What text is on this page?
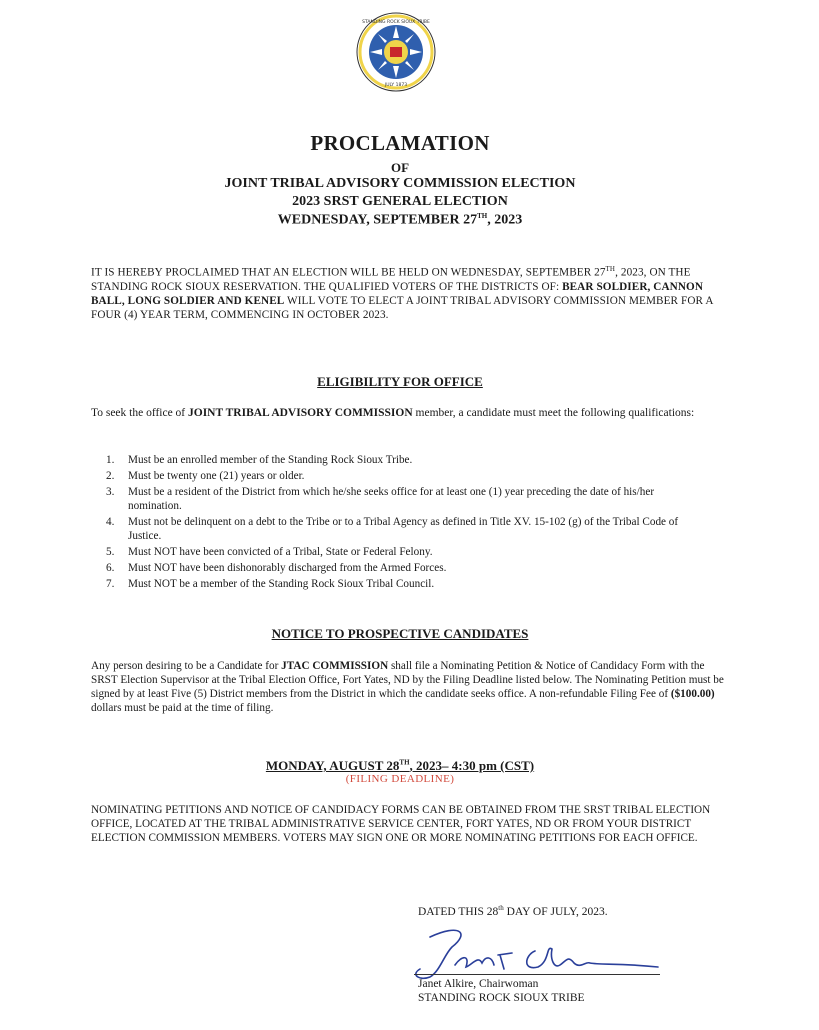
STANDING ROCK SIOUX TRIBE
JULY 1873
PROCLAMATION
OF
JOINT TRIBAL ADVISORY COMMISSION ELECTION
2023 SRST GENERAL ELECTION
WEDNESDAY, SEPTEMBER 27TH, 2023
IT IS HEREBY PROCLAIMED THAT AN ELECTION WILL BE HELD ON WEDNESDAY, SEPTEMBER 27TH, 2023, ON THE STANDING ROCK SIOUX RESERVATION. THE QUALIFIED VOTERS OF THE DISTRICTS OF: BEAR SOLDIER, CANNON BALL, LONG SOLDIER AND KENEL WILL VOTE TO ELECT A JOINT TRIBAL ADVISORY COMMISSION MEMBER FOR A FOUR (4) YEAR TERM, COMMENCING IN OCTOBER 2023.
ELIGIBILITY FOR OFFICE
To seek the office of JOINT TRIBAL ADVISORY COMMISSION member, a candidate must meet the following qualifications:
1.	Must be an enrolled member of the Standing Rock Sioux Tribe.
2.	Must be twenty one (21) years or older.
3.	Must be a resident of the District from which he/she seeks office for at least one (1) year preceding the date of his/her nomination.
4.	Must not be delinquent on a debt to the Tribe or to a Tribal Agency as defined in Title XV. 15-102 (g) of the Tribal Code of Justice.
5.	Must NOT have been convicted of a Tribal, State or Federal Felony.
6.	Must NOT have been dishonorably discharged from the Armed Forces.
7.	Must NOT be a member of the Standing Rock Sioux Tribal Council.
NOTICE TO PROSPECTIVE CANDIDATES
Any person desiring to be a Candidate for JTAC COMMISSION shall file a Nominating Petition & Notice of Candidacy Form with the SRST Election Supervisor at the Tribal Election Office, Fort Yates, ND by the Filing Deadline listed below. The Nominating Petition must be signed by at least Five (5) District members from the District in which the candidate seeks office. A non-refundable Filing Fee of ($100.00) dollars must be paid at the time of filing.
MONDAY, AUGUST 28TH, 2023– 4:30 pm (CST)
(FILING DEADLINE)
NOMINATING PETITIONS AND NOTICE OF CANDIDACY FORMS CAN BE OBTAINED FROM THE SRST TRIBAL ELECTION OFFICE, LOCATED AT THE TRIBAL ADMINISTRATIVE SERVICE CENTER, FORT YATES, ND OR FROM YOUR DISTRICT ELECTION COMMISSION MEMBERS. VOTERS MAY SIGN ONE OR MORE NOMINATING PETITIONS FOR EACH OFFICE.
DATED THIS 28th DAY OF JULY, 2023.
Janet Alkire, Chairwoman
STANDING ROCK SIOUX TRIBE
